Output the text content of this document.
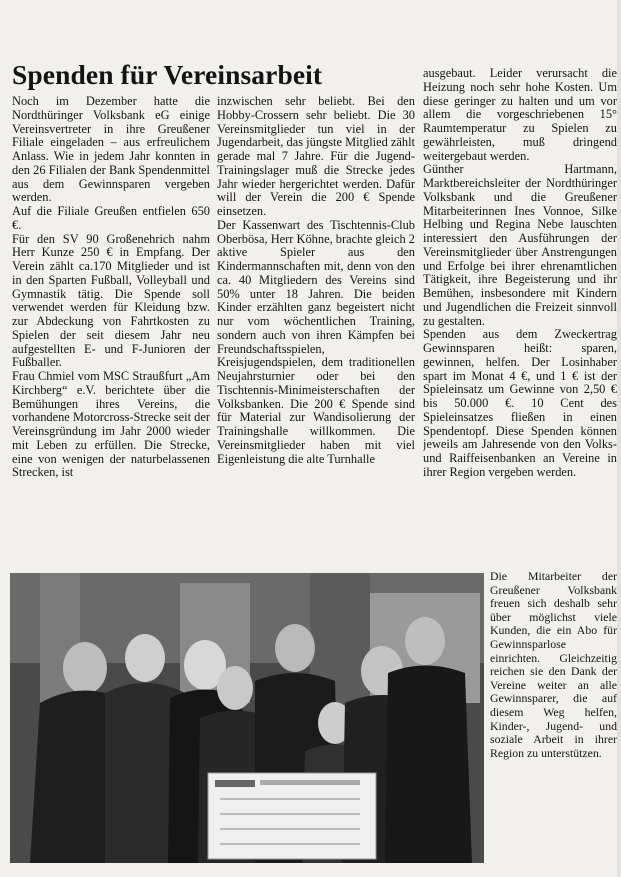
Spenden für Vereinsarbeit

Noch im Dezember hatte die Nordthüringer Volksbank eG einige Vereinsvertreter in ihre Greußener Filiale eingeladen – aus erfreulichem Anlass. Wie in jedem Jahr konnten in den 26 Filialen der Bank Spendenmittel aus dem Gewinnsparen vergeben werden.

Auf die Filiale Greußen entfielen 650 €.

Für den SV 90 Großenehrich nahm Herr Kunze 250 € in Empfang. Der Verein zählt ca.170 Mitglieder und ist in den Sparten Fußball, Volleyball und Gymnastik tätig. Die Spende soll verwendet werden für Kleidung bzw. zur Abdeckung von Fahrtkosten zu Spielen der seit diesem Jahr neu aufgestellten E- und F-Junioren der Fußballer.

Frau Chmiel vom MSC Straußfurt „Am Kirchberg“ e.V. berichtete über die Bemühungen ihres Vereins, die vorhandene Motorcross-Strecke seit der Vereinsgründung im Jahr 2000 wieder mit Leben zu erfüllen. Die Strecke, eine von wenigen der naturbelassenen Strecken, ist

inzwischen sehr beliebt. Bei den Hobby-Crossern sehr beliebt. Die 30 Vereinsmitglieder tun viel in der Jugendarbeit, das jüngste Mitglied zählt gerade mal 7 Jahre. Für die Jugend-Trainingslager muß die Strecke jedes Jahr wieder hergerichtet werden. Dafür will der Verein die 200 € Spende einsetzen.

Der Kassenwart des Tischtennis-Club Oberbösa, Herr Köhne, brachte gleich 2 aktive Spieler aus den Kindermannschaften mit, denn von den ca. 40 Mitgliedern des Vereins sind 50% unter 18 Jahren. Die beiden Kinder erzählten ganz begeistert nicht nur vom wöchentlichen Training, sondern auch von ihren Kämpfen bei Freundschaftsspielen, Kreisjugendspielen, dem traditionellen Neujahrsturnier oder bei den Tischtennis-Minimeisterschaften der Volksbanken. Die 200 € Spende sind für Material zur Wandisolierung der Trainingshalle willkommen. Die Vereinsmitglieder haben mit viel Eigenleistung die alte Turnhalle

ausgebaut. Leider verursacht die Heizung noch sehr hohe Kosten. Um diese geringer zu halten und um vor allem die vorgeschriebenen 15° Raumtemperatur zu Spielen zu gewährleisten, muß dringend weitergebaut werden.

Günther Hartmann, Marktbereichsleiter der Nordthüringer Volksbank und die Greußener Mitarbeiterinnen Ines Vonnoe, Silke Helbing und Regina Nebe lauschten interessiert den Ausführungen der Vereinsmitglieder über Anstrengungen und Erfolge bei ihrer ehrenamtlichen Tätigkeit, ihre Begeisterung und ihr Bemühen, insbesondere mit Kindern und Jugendlichen die Freizeit sinnvoll zu gestalten.

Spenden aus dem Zweckertrag Gewinnsparen heißt: sparen, gewinnen, helfen. Der Losinhaber spart im Monat 4 €, und 1 € ist der Spieleinsatz um Gewinne von 2,50 € bis 50.000 €. 10 Cent des Spieleinsatzes fließen in einen Spendentopf. Diese Spenden können jeweils am Jahresende von den Volks- und Raiffeisenbanken an Vereine in ihrer Region vergeben werden.

Die Mitarbeiter der Greußener Volksbank freuen sich deshalb sehr über möglichst viele Kunden, die ein Abo für Gewinnsparlose einrichten. Gleichzeitig reichen sie den Dank der Vereine weiter an alle Gewinnsparer, die auf diesem Weg helfen, Kinder-, Jugend- und soziale Arbeit in ihrer Region zu unterstützen.
